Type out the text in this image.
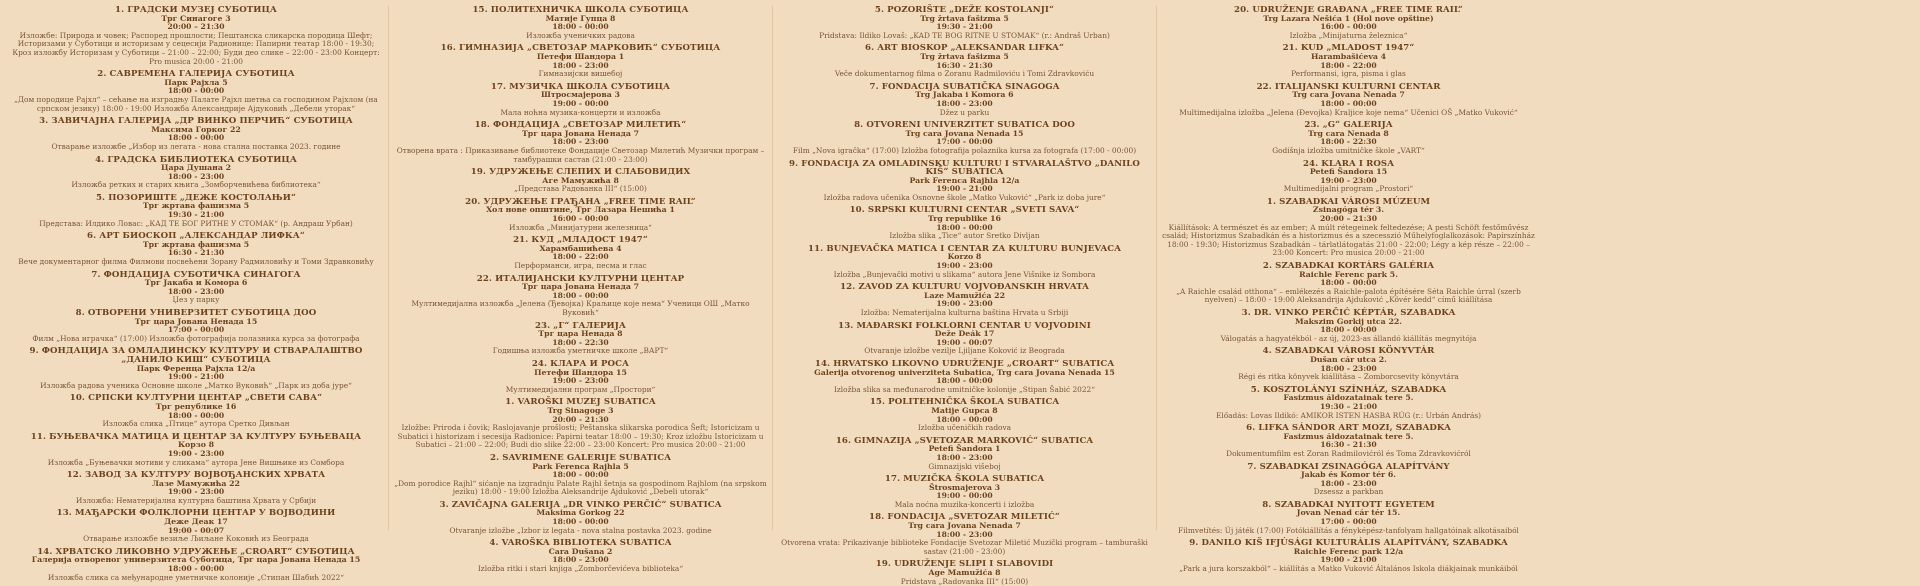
1. ГРАДСКИ МУЗЕЈ СУБОТИЦА
Трг Синагоге 3
20:00 – 21:30
Изложбе: Природа и човек; Распоред прошлости; Пештанска сликарска породица Шефт; Историзами у Суботици и историзам у сецесији Радионице: Папирни театар 18:00 - 19:30; Кроз изложбу Историзам у Суботици – 21:00 – 22:00; Буди део слике – 22:00 - 23:00 Концерт: Pro musica 20:00 - 21:00
2. САВРЕМЕНА ГАЛЕРИЈА СУБОТИЦА
Парк Рајхла 5
18:00 - 00:00
„Дом породице Рајхл“ – сећање на изградњу Палате Рајхл шетња са господином Рајхлом (на српском језику) 18:00 - 19:00 Изложба Александрије Ајдуковић „Дебели уторак“
3. ЗАВИЧАЈНА ГАЛЕРИЈА „ДР ВИНКО ПЕРЧИЋ“ СУБОТИЦА
Максима Горког 22
18:00 - 00:00
Отварање изложбе „Избор из легата - нова стална поставка 2023. године
4. ГРАДСКА БИБЛИОТЕКА СУБОТИЦА
Цара Душана 2
18:00 - 23:00
Изложба ретких и старих књига „Зомборчевићева библиотека“
5. ПОЗОРИШТЕ „ДЕЖЕ КОСТОЛАЊИ“
Трг жртава фашизма 5
19:30 - 21:00
Представа: Илдико Ловас: „КАД ТЕ БОГ РИТНЕ У СТОМАК“ (р. Андраш Урбан)
6. АРТ БИОСКОП „АЛЕКСАНДАР ЛИФКА“
Трг жртава фашизма 5
16:30 - 21:30
Вече документарног филма Филмови посвећени Зорану Радмиловићу и Томи Здравковићу
7. ФОНДАЦИЈА СУБОТИЧКА СИНАГОГА
Трг Јакаба и Комора 6
18:00 - 23:00
Џез у парку
8. ОТВОРЕНИ УНИВЕРЗИТЕТ СУБОТИЦА ДОО
Трг цара Јована Ненада 15
17:00 - 00:00
Филм „Нова играчка“ (17:00) Изложба фотографија полазника курса за фотографа
9. ФОНДАЦИЈА ЗА ОМЛАДИНСКУ КУЛТУРУ И СТВАРАЛАШТВО „ДАНИЛО КИШ“ СУБОТИЦА
Парк Ференца Рајхла 12/а
19:00 - 21:00
Изложба радова ученика Основне школе „Матко Вуковић“ „Парк из доба јуре“
10. СРПСКИ КУЛТУРНИ ЦЕНТАР „СВЕТИ САВА“
Трг републике 16
18:00 - 00:00
Изложба слика „Птице“ аутора Сретко Дивљан
11. БУЊЕВАЧКА МАТИЦА И ЦЕНТАР ЗА КУЛТУРУ БУЊЕВАЦА
Корзо 8
19:00 - 23:00
Изложба „Буњевачки мотиви у сликама“ аутора Јене Вишњике из Сомбора
12. ЗАВОД ЗА КУЛТУРУ ВОЈВОЂАНСКИХ ХРВАТА
Лазе Мамужића 22
19:00 - 23:00
Изложба: Нематеријална културна баштина Хрвата у Србији
13. МАЂАРСКИ ФОЛКЛОРНИ ЦЕНТАР У ВОЈВОДИНИ
Деже Деак 17
19:00 - 00:07
Отварање изложбе везиље Љиљане Коковић из Београда
14. ХРВАТСКО ЛИКОВНО УДРУЖЕЊЕ „CROART“ СУБОТИЦА
Галерија отвореног универзитета Суботица, Трг цара Јована Ненада 15
18:00 - 00:00
Изложба слика са међународне уметничке колоније „Стипан Шабић 2022“
15. ПОЛИТЕХНИЧКА ШКОЛА СУБОТИЦА
Матије Гупца 8
18:00 - 00:00
Изложба ученичких радова
16. ГИМНАЗИЈА „СВЕТОЗАР МАРКОВИЋ“ СУБОТИЦА
Петефи Шандора 1
18:00 - 23:00
Гимназијски вишебој
17. МУЗИЧКА ШКОЛА СУБОТИЦА
Штросмајерова 3
19:00 - 00:00
Мала ноћна музика-концерти и изложба
18. ФОНДАЦИЈА „СВЕТОЗАР МИЛЕТИЋ“
Трг цара Јована Ненада 7
18:00 - 23:00
Отворена врата : Приказивање библиотеке Фондације Светозар Милетић Музички програм – тамбурашки састав (21:00 - 23:00)
19. УДРУЖЕЊЕ СЛЕПИХ И СЛАБОВИДИХ
Аге Мамужића 8
„Представа Радованка III“ (15:00)
20. УДРУЖЕЊЕ ГРАЂАНА „FREE TIME RAIL“
Хол нове општине, Трг Лазара Нешића 1
16:00 - 00:00
Изложба „Минијатурни железница“
21. КУД „МЛАДОСТ 1947“
Харамбашићева 4
18:00 - 22:00
Перформанси, игра, песма и глас
22. ИТАЛИЈАНСКИ КУЛТУРНИ ЦЕНТАР
Трг цара Јована Ненада 7
18:00 - 00:00
Мултимедијална изложба „Јелена (Ђевојка) Краљице које нема“ Ученици ОШ „Матко Вуковић“
23. „Г“ ГАЛЕРИЈА
Трг цара Ненада 8
18:00 - 22:30
Годишња изложба уметничке школе „ВАРТ“
24. КЛАРА И РОСА
Петефи Шандора 15
19:00 - 23:00
Мултимедијални програм „Простори“
1. VAROŠKI MUZEJ SUBATICA
Trg Sinagoge 3
20:00 - 21:30
Izložbe: Priroda i čovik; Rasloјavanje prošlosti; Peštanska slikarska porodica Šeft; Istoricizam u Subatici i historizam i secesija Radionice: Papirni teatar 18:00 – 19:30; Kroz izložbu Istoricizam u Subatici – 21:00 – 22:00; Budi dio slike 22:00 – 23:00 Koncert: Pro musica 20:00 - 21:00
2. SAVRIMENE GALERIJE SUBATICA
Park Ferenca Rajhla 5
18:00 - 00:00
„Dom porodice Rajhl“ sićanje na izgradnju Palate Rajhl šetnja sa gospodinom Rajhlom (na srpskom jeziku) 18:00 - 19:00 Izložba Aleksandrije Ajduković „Debeli utorak“
3. ZAVIČAJNA GALERIJA „DR VINKO PERČIĆ“ SUBATICA
Maksima Gorkog 22
18:00 - 00:00
Otvaranje izložbe „Izbor iz legata - nova stalna postavka 2023. godine
4. VAROŠKA BIBLIOTEKA SUBATICA
Cara Dušana 2
18:00 - 23:00
Izložba ritki i stari knjiga „Zomborčevićeva biblioteka“
5. POZORIŠTE „DEŽE KOSTOLANJI“
Trg žrtava fašizma 5
19:30 - 21:00
Pridstava: Ildiko Lovaš: „KAD TE BOG RITNE U STOMAK“ (r.: Andraš Urban)
6. ART BIOSKOP „ALEKSANDAR LIFKA“
Trg žrtava fašizma 5
16:30 - 21:30
Veče dokumentarnog filma o Zoranu Radmiloviću i Tomi Zdravkoviću
7. FONDACIJA SUBATIČKA SINAGOGA
Trg Jakaba i Komora 6
18:00 - 23:00
Džez u parku
8. OTVORENI UNIVERZITET SUBATICA DOO
Trg cara Jovana Nenada 15
17:00 - 00:00
Film „Nova igračka“ (17:00) Izložba fotografija polaznika kursa za fotografa (17:00 - 00:00)
9. FONDACIJA ZA OMLADINSKU KULTURU I STVARALAŠTVO „DANILO KIŠ“ SUBATICA
Park Ferenca Rajhla 12/a
19:00 - 21:00
Izložba radova učenika Osnovne škole „Matko Vuković“ „Park iz doba jure“
10. SRPSKI KULTURNI CENTAR „SVETI SAVA“
Trg republike 16
18:00 - 00:00
Izložba slika „Tice“ autor Sretko Divljan
11. BUNJEVAČKA MATICA I CENTAR ZA KULTURU BUNJEVACA
Korzo 8
19:00 - 23:00
Izložba „Bunjevački motivi u slikama“ autora Jene Višnike iz Sombora
12. ZAVOD ZA KULTURU VOJVOĐANSKIH HRVATA
Laze Mamužića 22
19:00 - 23:00
Izložba: Nematerijalna kulturna baština Hrvata u Srbiji
13. MAĐARSKI FOLKLORNI CENTAR U VOJVODINI
Deže Deák 17
19:00 - 00:07
Otvaranje izložbe vezilje Ljiljane Koković iz Beograda
14. HRVATSKO LIKOVNO UDRUŽENJE „CROART“ SUBATICA
Galerija otvorenog univerziteta Subatica, Trg cara Jovana Nenada 15
18:00 - 00:00
Izložba slika sa međunarodne umitničke kolonije „Stipan Šabić 2022“
15. POLITEHNIČKA ŠKOLA SUBATICA
Matije Gupca 8
18:00 - 00:00
Izložba učeničkih radova
16. GIMNAZIJA „SVETOZAR MARKOVIĆ“ SUBATICA
Petefi Šandora 1
18:00 - 23:00
Gimnazijski višeboj
17. MUZIČKA ŠKOLA SUBATICA
Štrosmajerova 3
19:00 - 00:00
Mala noćna muzika-koncerti i izložba
18. FONDACIJA „SVETOZAR MILETIĆ“
Trg cara Jovana Nenada 7
18:00 - 23:00
Otvorena vrata: Prikazivanje biblioteke Fondacije Svetozar Miletić Muzički program – tamburaški sastav (21:00 - 23:00)
19. UDRUŽENJE SLIPI I SLABOVIDI
Age Mamužića 8
Pridstava „Radovanka III“ (15:00)
20. UDRUŽENJE GRAĐANA „FREE TIME RAIL“
Trg Lazara Nešića 1 (Hol nove opštine)
16:00 - 00:00
Izložba „Minijaturna železnica“
21. KUD „MLADOST 1947“
Harambašićeva 4
18:00 - 22:00
Performansi, igra, pisma i glas
22. ITALIJANSKI KULTURNI CENTAR
Trg cara Jovana Nenada 7
18:00 - 00:00
Multimedijalna izložba „Jelena (Đevojka) Kraljice koje nema“ Učenici OŠ „Matko Vuković“
23. „G“ GALERIJA
Trg cara Nenada 8
18:00 - 22:30
Godišnja izložba umitničke škole „VART“
24. KLARA I ROSA
Petefi Šandora 15
19:00 - 23:00
Multimedijalni program „Prostori“
1. SZABADKAI VÁROSI MÚZEUM
Zsinagóga tér 3.
20:00 – 21:30
Kiállítások: A természet és az ember; A múlt rétegeinek feltedezése; A pesti Schöft festőművész család; Historizmus Szabadkán és a historizmus és a szecesszió Műhelyfoglalkozások: Papírszínház 18:00 - 19:30; Historizmus Szabadkán – tárlatlátogatás 21:00 - 22:00; Légy a kép része – 22:00 – 23:00 Koncert: Pro musica 20:00 - 21:00
2. SZABADKAI KORTÁRS GALÉRIA
Raichle Ferenc park 5.
18:00 - 00:00
„A Raichle család otthona“ – emlékezés a Raichle-palota építésére Séta Raichle úrral (szerb nyelven) – 18:00 - 19:00 Aleksandrija Ajduković „Kövér kedd“ című kiállítása
3. DR. VINKO PERČIĆ KÉPTÁR, SZABADKA
Makszim Gorkij utca 22.
18:00 - 00:00
Válogatás a hagyatékból - az új, 2023-as állandó kiállítás megnyitója
4. SZABADKAI VÁROSI KÖNYVTÁR
Dušan cár utca 2.
18:00 - 23:00
Régi és ritka könyvek kiállítása – Zomborcsevity könyvtára
5. KOSZTOLÁNYI SZÍNHÁZ, SZABADKA
Fasizmus áldozatainak tere 5.
19:30 – 21:00
Előadás: Lovas Ildikó: AMIKOR ISTEN HASBA RÚG (r.: Urbán András)
6. LIFKA SÁNDOR ART MOZI, SZABADKA
Fasizmus áldozatainak tere 5.
16:30 - 21:30
Dokumentumfilm est Zoran Radmilovićról és Toma Zdravkovićról
7. SZABADKAI ZSINAGÓGA ALAPÍTVÁNY
Jakab és Komor tér 6.
18:00 - 23:00
Dzsessz a parkban
8. SZABADKAI NYITOTT EGYETEM
Jovan Nenad cár tér 15.
17:00 - 00:00
Filmvetítés: Új játék (17:00) Fotókiállítás a fényképész-tanfolyam hallgatóinak alkotásaiból
9. DANILO KIŠ IFJÚSÁGI KULTURÁLIS ALAPÍTVÁNY, SZABADKA
Raichle Ferenc park 12/a
19:00 - 21:00
„Park a jura korszakból“ – kiállítás a Matko Vuković Általános Iskola diákjainak munkáiból
